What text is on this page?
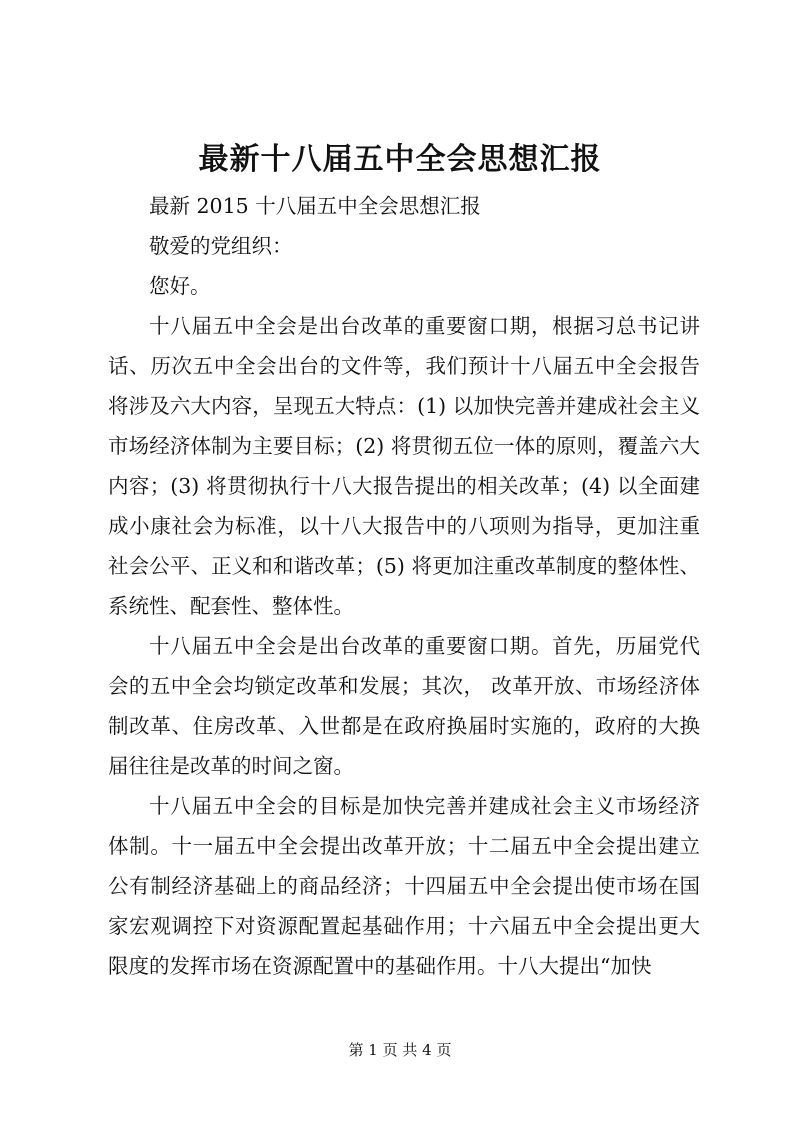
最新十八届五中全会思想汇报

最新 2015 十八届五中全会思想汇报

敬爱的党组织：

您好。

十八届五中全会是出台改革的重要窗口期，根据习总书记讲话、历次五中全会出台的文件等，我们预计十八届五中全会报告将涉及六大内容，呈现五大特点：(1) 以加快完善并建成社会主义市场经济体制为主要目标；(2) 将贯彻五位一体的原则，覆盖六大内容；(3) 将贯彻执行十八大报告提出的相关改革；(4) 以全面建成小康社会为标准，以十八大报告中的八项则为指导，更加注重社会公平、正义和和谐改革；(5) 将更加注重改革制度的整体性、系统性、配套性、整体性。

十八届五中全会是出台改革的重要窗口期。首先，历届党代会的五中全会均锁定改革和发展；其次， 改革开放、市场经济体制改革、住房改革、入世都是在政府换届时实施的，政府的大换届往往是改革的时间之窗。

十八届五中全会的目标是加快完善并建成社会主义市场经济体制。十一届五中全会提出改革开放；十二届五中全会提出建立公有制经济基础上的商品经济；十四届五中全会提出使市场在国家宏观调控下对资源配置起基础作用；十六届五中全会提出更大限度的发挥市场在资源配置中的基础作用。十八大提出“加快

第 1 页 共 4 页
